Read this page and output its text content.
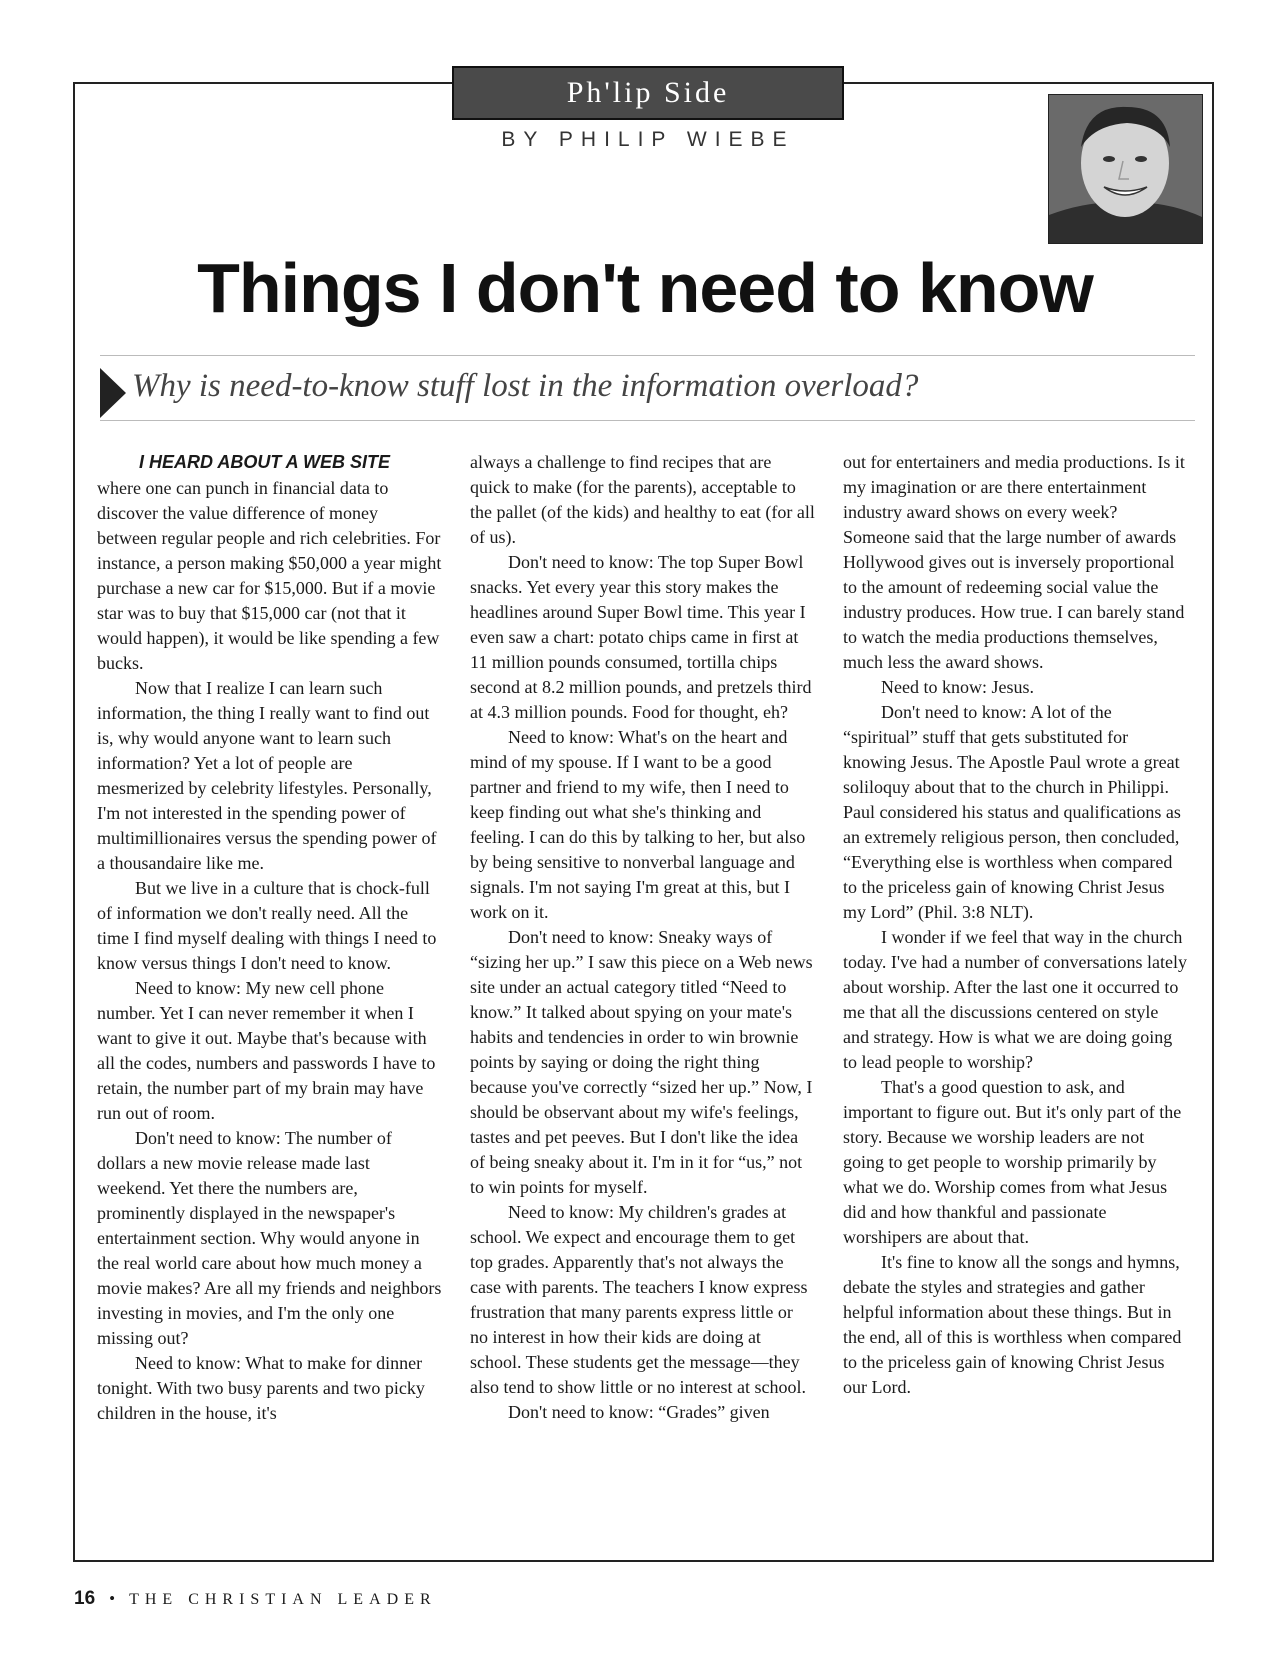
Ph'lip Side
BY PHILIP WIEBE
Things I don't need to know
Why is need-to-know stuff lost in the information overload?
I HEARD ABOUT A WEB SITE

where one can punch in financial data to discover the value difference of money between regular people and rich celebrities. For instance, a person making $50,000 a year might purchase a new car for $15,000. But if a movie star was to buy that $15,000 car (not that it would happen), it would be like spending a few bucks.

Now that I realize I can learn such information, the thing I really want to find out is, why would anyone want to learn such information? Yet a lot of people are mesmerized by celebrity lifestyles. Personally, I'm not interested in the spending power of multimillionaires versus the spending power of a thousandaire like me.

But we live in a culture that is chock-full of information we don't really need. All the time I find myself dealing with things I need to know versus things I don't need to know.

Need to know: My new cell phone number. Yet I can never remember it when I want to give it out. Maybe that's because with all the codes, numbers and passwords I have to retain, the number part of my brain may have run out of room.

Don't need to know: The number of dollars a new movie release made last weekend. Yet there the numbers are, prominently displayed in the newspaper's entertainment section. Why would anyone in the real world care about how much money a movie makes? Are all my friends and neighbors investing in movies, and I'm the only one missing out?

Need to know: What to make for dinner tonight. With two busy parents and two picky children in the house, it's

always a challenge to find recipes that are quick to make (for the parents), acceptable to the pallet (of the kids) and healthy to eat (for all of us).

Don't need to know: The top Super Bowl snacks. Yet every year this story makes the headlines around Super Bowl time. This year I even saw a chart: potato chips came in first at 11 million pounds consumed, tortilla chips second at 8.2 million pounds, and pretzels third at 4.3 million pounds. Food for thought, eh?

Need to know: What's on the heart and mind of my spouse. If I want to be a good partner and friend to my wife, then I need to keep finding out what she's thinking and feeling. I can do this by talking to her, but also by being sensitive to nonverbal language and signals. I'm not saying I'm great at this, but I work on it.

Don't need to know: Sneaky ways of “sizing her up.” I saw this piece on a Web news site under an actual category titled “Need to know.” It talked about spying on your mate's habits and tendencies in order to win brownie points by saying or doing the right thing because you've correctly “sized her up.” Now, I should be observant about my wife's feelings, tastes and pet peeves. But I don't like the idea of being sneaky about it. I'm in it for “us,” not to win points for myself.

Need to know: My children's grades at school. We expect and encourage them to get top grades. Apparently that's not always the case with parents. The teachers I know express frustration that many parents express little or no interest in how their kids are doing at school. These students get the message—they also tend to show little or no interest at school.

Don't need to know: “Grades” given

out for entertainers and media productions. Is it my imagination or are there entertainment industry award shows on every week? Someone said that the large number of awards Hollywood gives out is inversely proportional to the amount of redeeming social value the industry produces. How true. I can barely stand to watch the media productions themselves, much less the award shows.

Need to know: Jesus.

Don't need to know: A lot of the “spiritual” stuff that gets substituted for knowing Jesus. The Apostle Paul wrote a great soliloquy about that to the church in Philippi. Paul considered his status and qualifications as an extremely religious person, then concluded, “Everything else is worthless when compared to the priceless gain of knowing Christ Jesus my Lord” (Phil. 3:8 NLT).

I wonder if we feel that way in the church today. I've had a number of conversations lately about worship. After the last one it occurred to me that all the discussions centered on style and strategy. How is what we are doing going to lead people to worship?

That's a good question to ask, and important to figure out. But it's only part of the story. Because we worship leaders are not going to get people to worship primarily by what we do. Worship comes from what Jesus did and how thankful and passionate worshipers are about that.

It's fine to know all the songs and hymns, debate the styles and strategies and gather helpful information about these things. But in the end, all of this is worthless when compared to the priceless gain of knowing Christ Jesus our Lord.

16 • THE CHRISTIAN LEADER
